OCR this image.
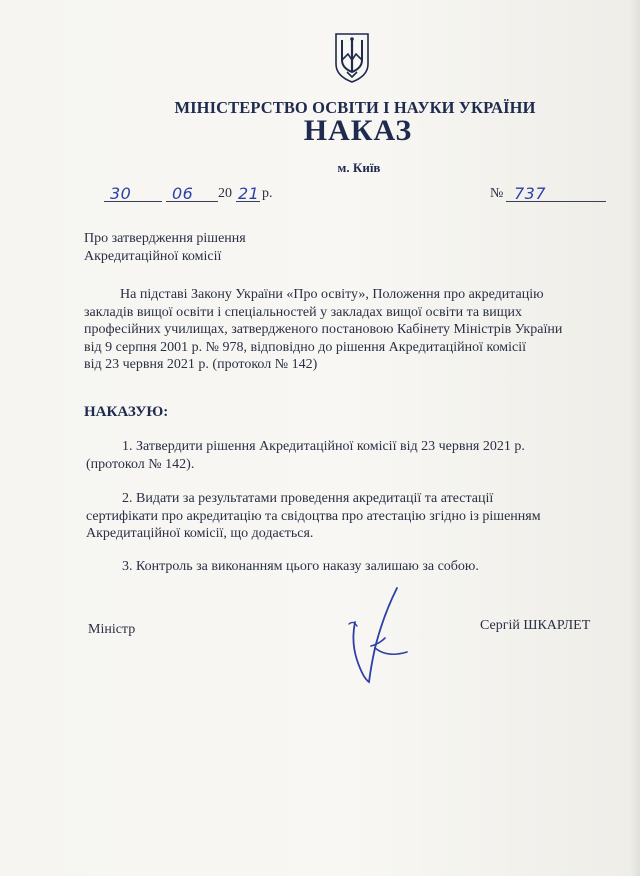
МІНІСТЕРСТВО ОСВІТИ І НАУКИ УКРАЇНИ
НАКАЗ
м. Київ
30	06 20 21 р.	№ 737
Про затвердження рішення
Акредитаційної комісії
На підставі Закону України «Про освіту», Положення про акредитацію
закладів вищої освіти і спеціальностей у закладах вищої освіти та вищих
професійних училищах, затвердженого постановою Кабінету Міністрів України
від 9 серпня 2001 р. № 978, відповідно до рішення Акредитаційної комісії
від 23 червня 2021 р. (протокол № 142)
НАКАЗУЮ:
1. Затвердити рішення Акредитаційної комісії від 23 червня 2021 р.
(протокол № 142).
2. Видати за результатами проведення акредитації та атестації
сертифікати про акредитацію та свідоцтва про атестацію згідно із рішенням
Акредитаційної комісії, що додається.
3. Контроль за виконанням цього наказу залишаю за собою.
Міністр	Сергій ШКАРЛЕТ
